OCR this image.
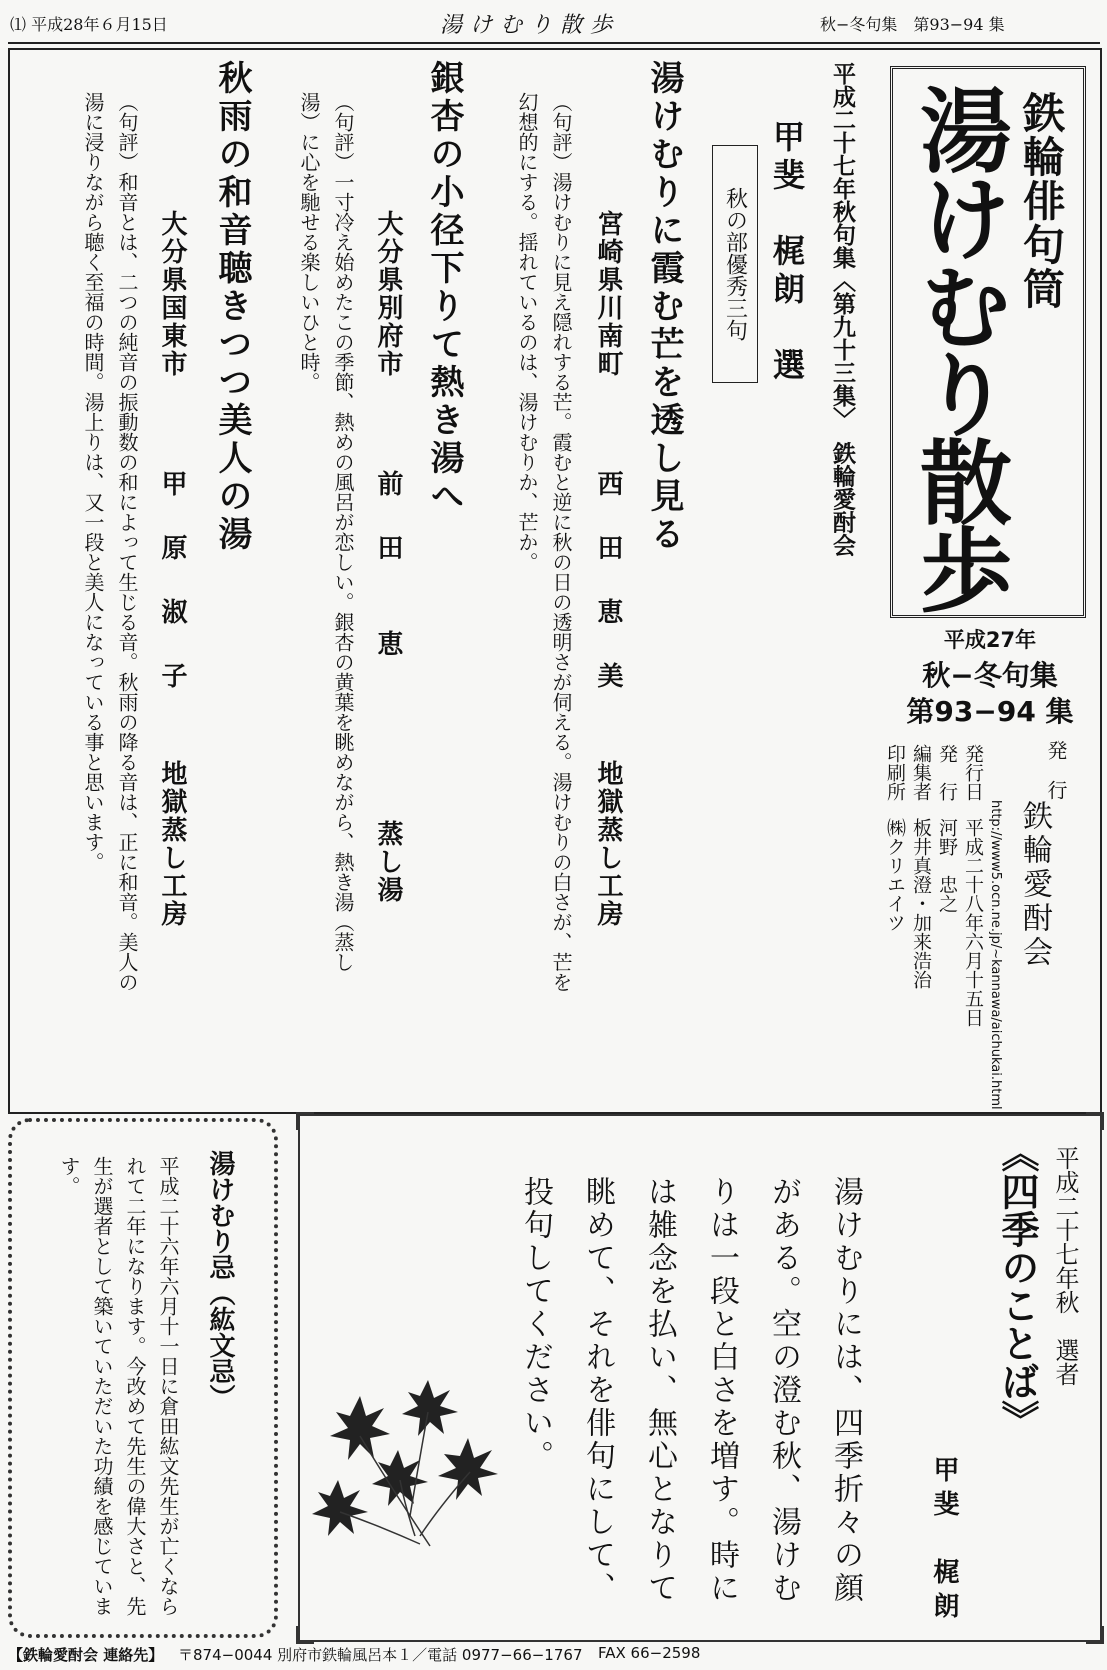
⑴ 平成28年６月15日	湯けむり散歩	秋−冬句集　第93−94 集
鉄輪俳句筒
湯けむり散歩
平成27年
秋−冬句集
第93−94 集
発　行
鉄輪愛酎会
http://www5.ocn.ne.jp/~kannawa/aichukai.html
発行日
平成二十八年六月十五日
発　行
河野　忠之
編集者
板井真澄・加来浩治
印刷所
㈱クリエイツ
平成二十七年秋句集〈第九十三集〉　鉄輪愛酎会
甲斐　梶朗　選
秋の部優秀三句
湯けむりに霞む芒を透し見る
宮崎県川南町
西　田　恵　美
地獄蒸し工房
（句評）湯けむりに見え隠れする芒。霞むと逆に秋の日の透明さが伺える。湯けむりの白さが、芒を幻想的にする。揺れているのは、湯けむりか、芒か。
銀杏の小径下りて熱き湯へ
大分県別府市
前　田　　恵
蒸し湯
（句評）一寸冷え始めたこの季節、熱めの風呂が恋しい。銀杏の黄葉を眺めながら、熱き湯（蒸し湯）に心を馳せる楽しいひと時。
秋雨の和音聴きつつ美人の湯
大分県国東市
甲　原　淑　子
地獄蒸し工房
（句評）和音とは、二つの純音の振動数の和によって生じる音。秋雨の降る音は、正に和音。美人の湯に浸りながら聴く至福の時間。湯上りは、又一段と美人になっている事と思います。
湯けむり忌（紘文忌）
平成二十六年六月十一日に倉田紘文先生が亡くなられて二年になります。今改めて先生の偉大さと、先生が選者として築いていただいた功績を感じています。	平成二十七年秋　選者
《四季のことば》
甲斐　梶朗
湯けむりには、四季折々の顔がある。空の澄む秋、湯けむりは一段と白さを増す。時には雑念を払い、無心となりて眺めて、それを俳句にして、投句してください。
【鉄輪愛酎会 連絡先】 〒874−0044 別府市鉄輪風呂本１／電話 0977−66−1767 FAX 66−2598
